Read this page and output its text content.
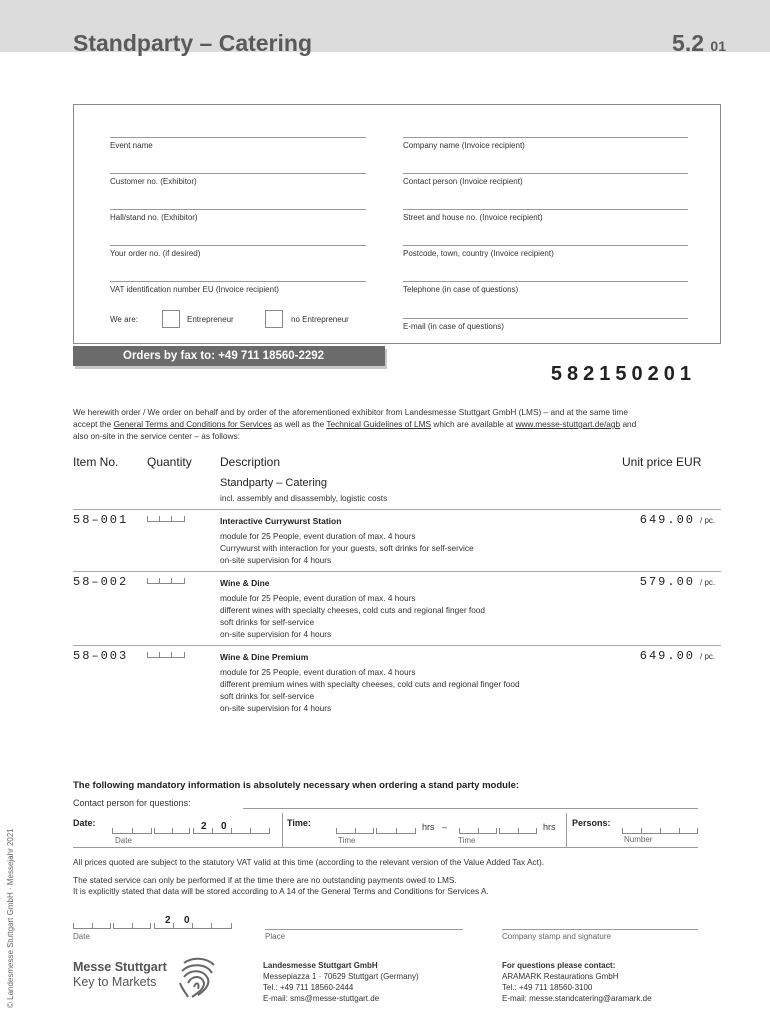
Standparty – Catering	5.2 01
Event name
Customer no. (Exhibitor)
Hall/stand no. (Exhibitor)
Your order no. (if desired)
VAT identification number EU (Invoice recipient)
We are:	Entrepreneur	no Entrepreneur
Company name (Invoice recipient)
Contact person (Invoice recipient)
Street and house no. (Invoice recipient)
Postcode, town, country (Invoice recipient)
Telephone (in case of questions)
E-mail (in case of questions)
Orders by fax to: +49 711 18560-2292
582150201
We herewith order / We order on behalf and by order of the aforementioned exhibitor from Landesmesse Stuttgart GmbH (LMS) – and at the same time
accept the General Terms and Conditions for Services as well as the Technical Guidelines of LMS which are available at www.messe-stuttgart.de/agb and
also on-site in the service center – as follows:
Item No. Quantity Description	Unit price EUR
Standparty – Catering
incl. assembly and disassembly, logistic costs
58–001	Interactive Currywurst Station
module for 25 People, event duration of max. 4 hours
Currywurst with interaction for your guests, soft drinks for self-service
on-site supervision for 4 hours
649.00 / pc.
58–002	Wine & Dine
module for 25 People, event duration of max. 4 hours
different wines with specialty cheeses, cold cuts and regional finger food
soft drinks for self-service
on-site supervision for 4 hours
579.00 / pc.
58–003	Wine & Dine Premium
module for 25 People, event duration of max. 4 hours
different premium wines with specialty cheeses, cold cuts and regional finger food
soft drinks for self-service
on-site supervision for 4 hours
649.00 / pc.
The following mandatory information is absolutely necessary when ordering a stand party module:
Contact person for questions:
Date:	2 0
Date
Time:	hrs –	hrs
Time	Time
Persons:
Number
All prices quoted are subject to the statutory VAT valid at this time (according to the relevant version of the Value Added Tax Act).
The stated service can only be performed if at the time there are no outstanding payments owed to LMS.
It is explicitly stated that data will be stored according to A 14 of the General Terms and Conditions for Services A.
2 0
Date	Place	Company stamp and signature
Messe Stuttgart
Key to Markets
Landesmesse Stuttgart GmbH
Messepiazza 1 · 70629 Stuttgart (Germany)
Tel.: +49 711 18560-2444
E-mail: sms@messe-stuttgart.de
For questions please contact:
ARAMARK Restaurations GmbH
Tel.: +49 711 18560-3100
E-mail: messe.standcatering@aramark.de
© Landesmesse Stuttgart GmbH · Messejahr 2021
